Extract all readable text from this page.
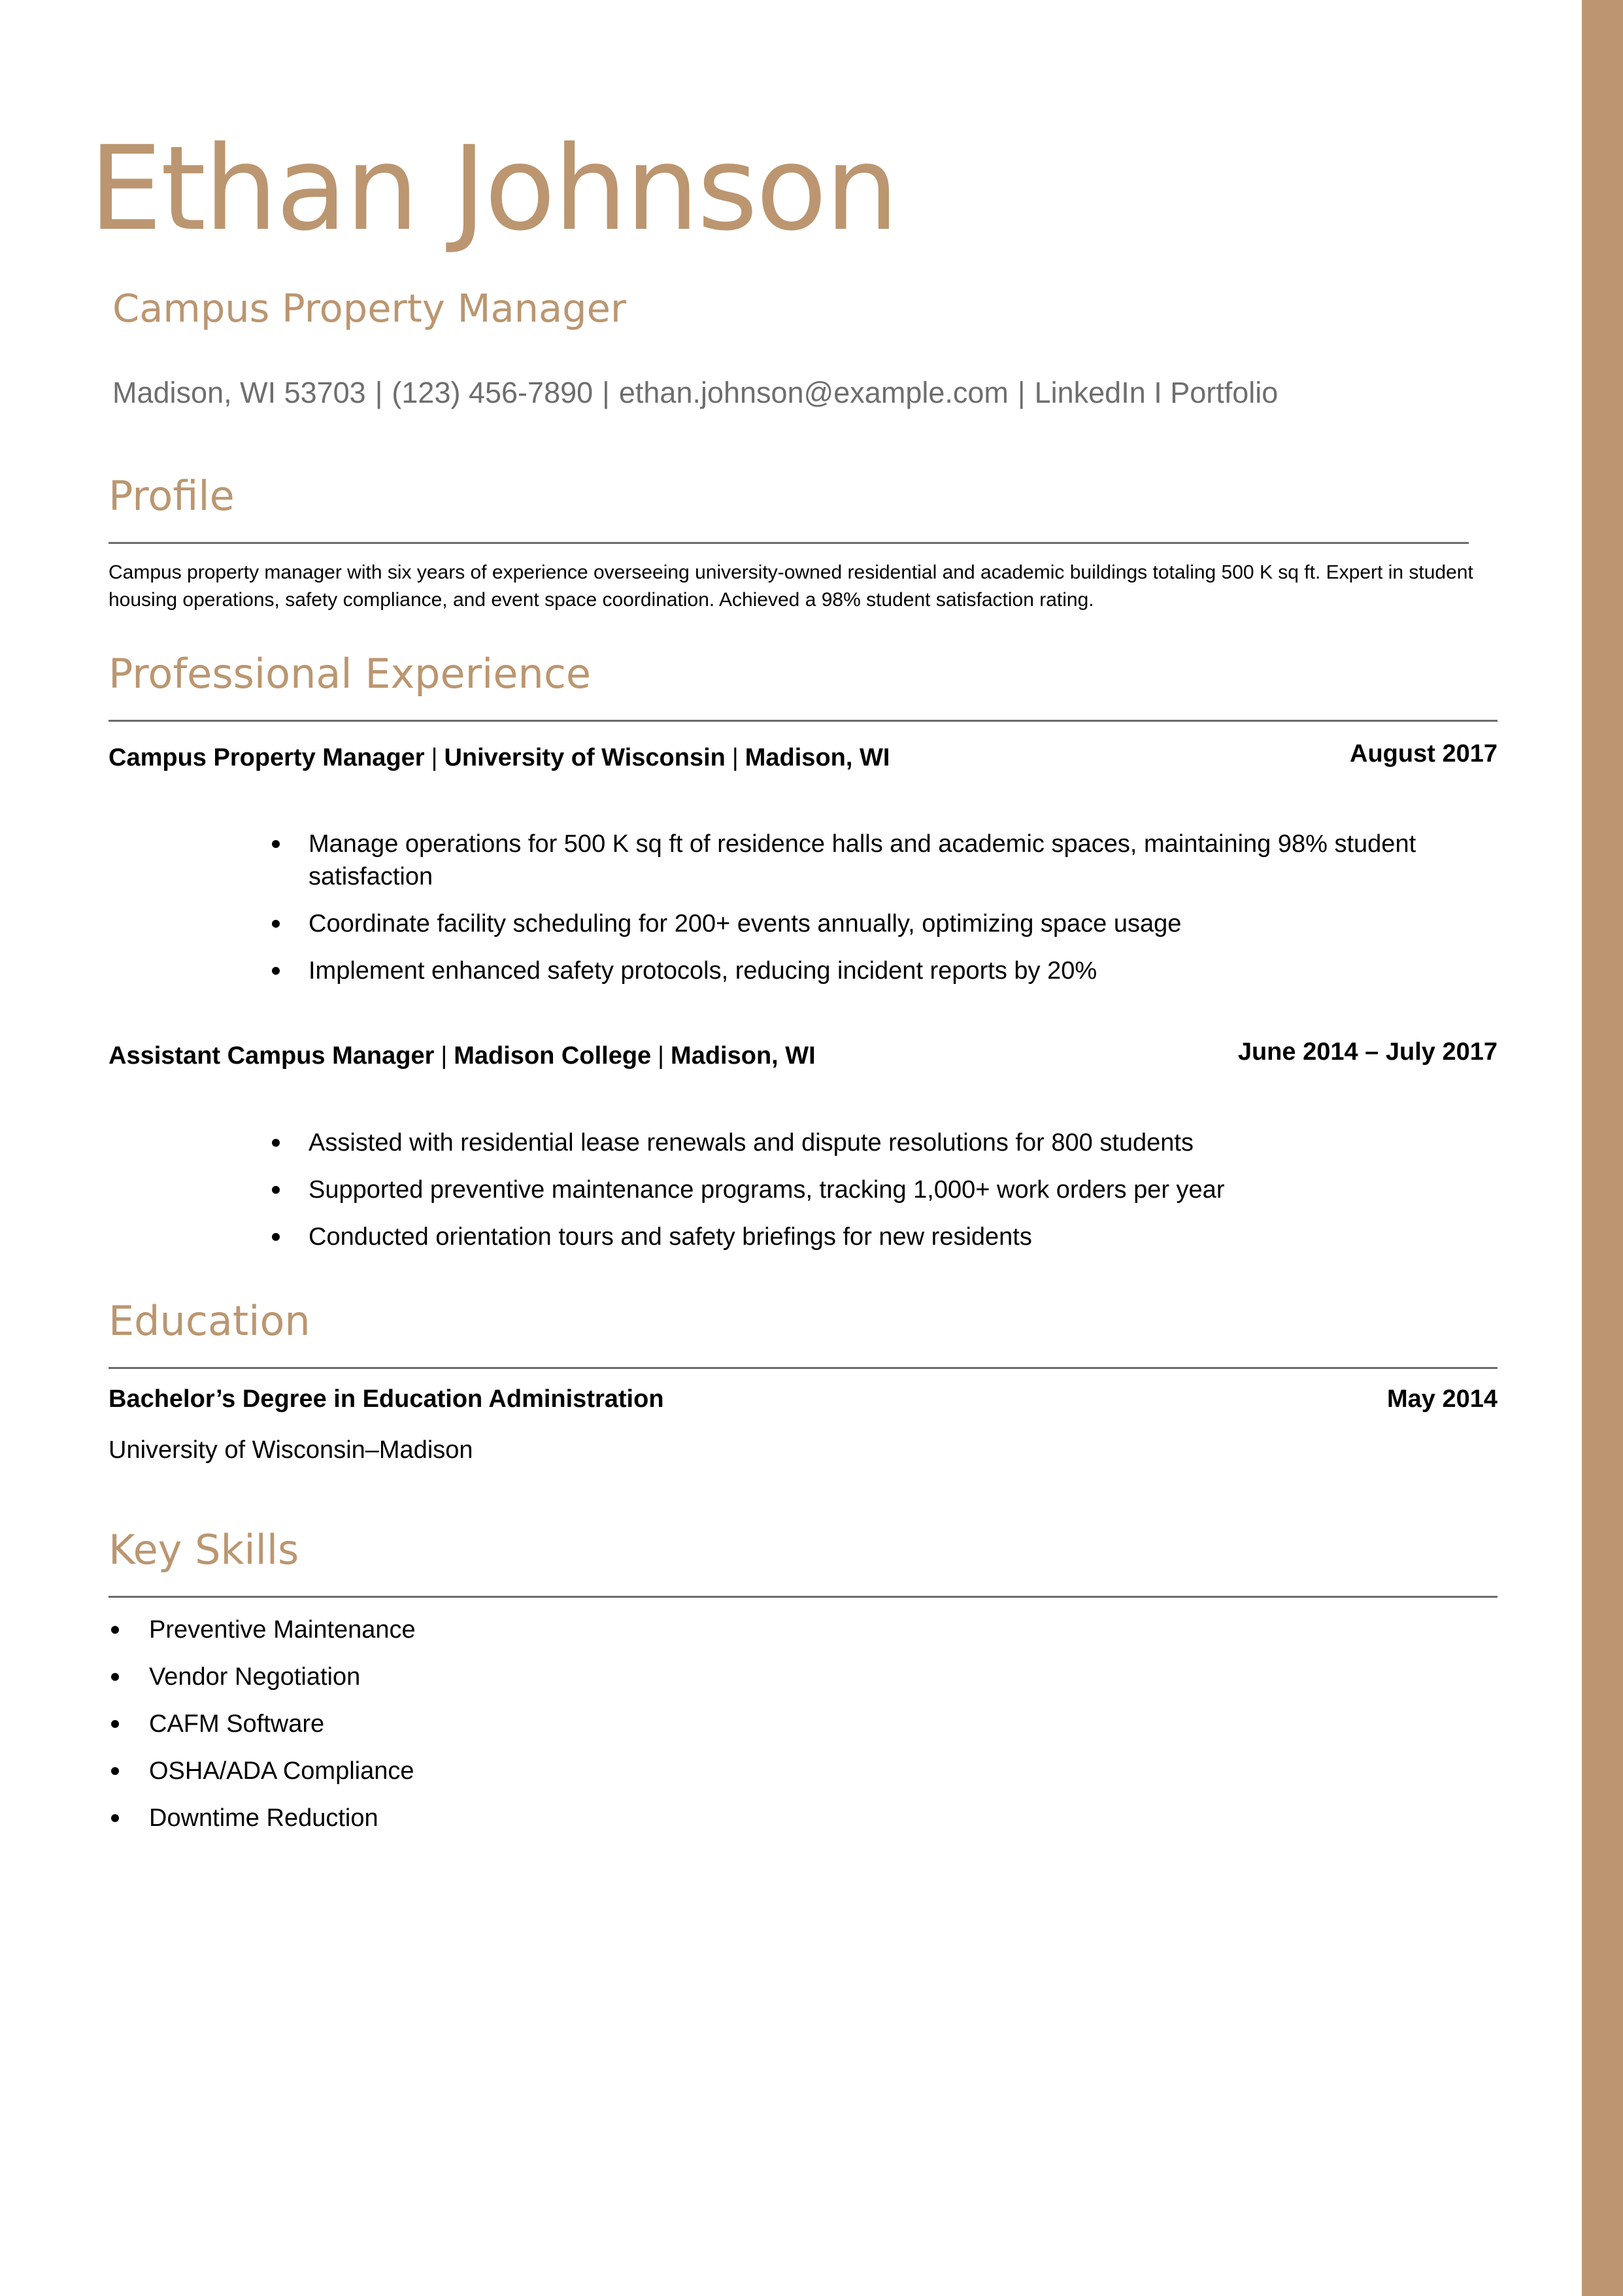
Ethan Johnson
Campus Property Manager
Madison, WI 53703 | (123) 456-7890 | ethan.johnson@example.com | LinkedIn I Portfolio
Profile

Campus property manager with six years of experience overseeing university-owned residential and academic buildings totaling 500 K sq ft. Expert in student housing operations, safety compliance, and event space coordination. Achieved a 98% student satisfaction rating.

Professional Experience
Campus Property Manager | University of Wisconsin | Madison, WI	August 2017
Manage operations for 500 K sq ft of residence halls and academic spaces, maintaining 98% student satisfaction
Coordinate facility scheduling for 200+ events annually, optimizing space usage
Implement enhanced safety protocols, reducing incident reports by 20%
Assistant Campus Manager | Madison College | Madison, WI	June 2014 – July 2017
Assisted with residential lease renewals and dispute resolutions for 800 students
Supported preventive maintenance programs, tracking 1,000+ work orders per year
Conducted orientation tours and safety briefings for new residents
Education
Bachelor’s Degree in Education Administration	May 2014
University of Wisconsin–Madison
Key Skills
Preventive Maintenance
Vendor Negotiation
CAFM Software
OSHA/ADA Compliance
Downtime Reduction
